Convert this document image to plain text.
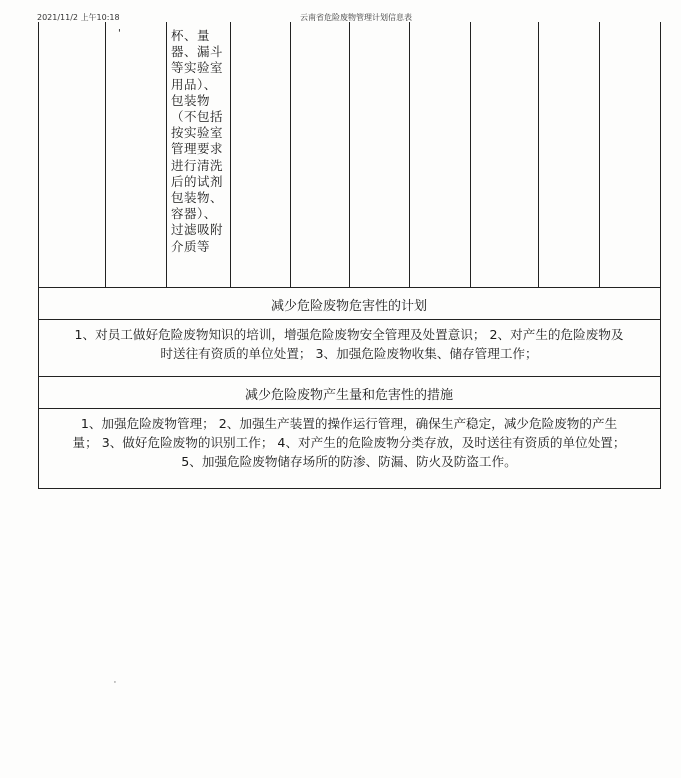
2021/11/2 上午10:18	云南省危险废物管理计划信息表
'	杯、量
器、漏斗
等实验室
用品）、
包装物
（不包括
按实验室
管理要求
进行清洗
后的试剂
包装物、
容器）、
过滤吸附
介质等
减少危险废物危害性的计划
1、对员工做好危险废物知识的培训，增强危险废物安全管理及处置意识； 2、对产生的危险废物及
时送往有资质的单位处置； 3、加强危险废物收集、储存管理工作；
减少危险废物产生量和危害性的措施
1、加强危险废物管理； 2、加强生产装置的操作运行管理，确保生产稳定，减少危险废物的产生
量； 3、做好危险废物的识别工作； 4、对产生的危险废物分类存放，及时送往有资质的单位处置；
5、加强危险废物储存场所的防渗、防漏、防火及防盗工作。
'
